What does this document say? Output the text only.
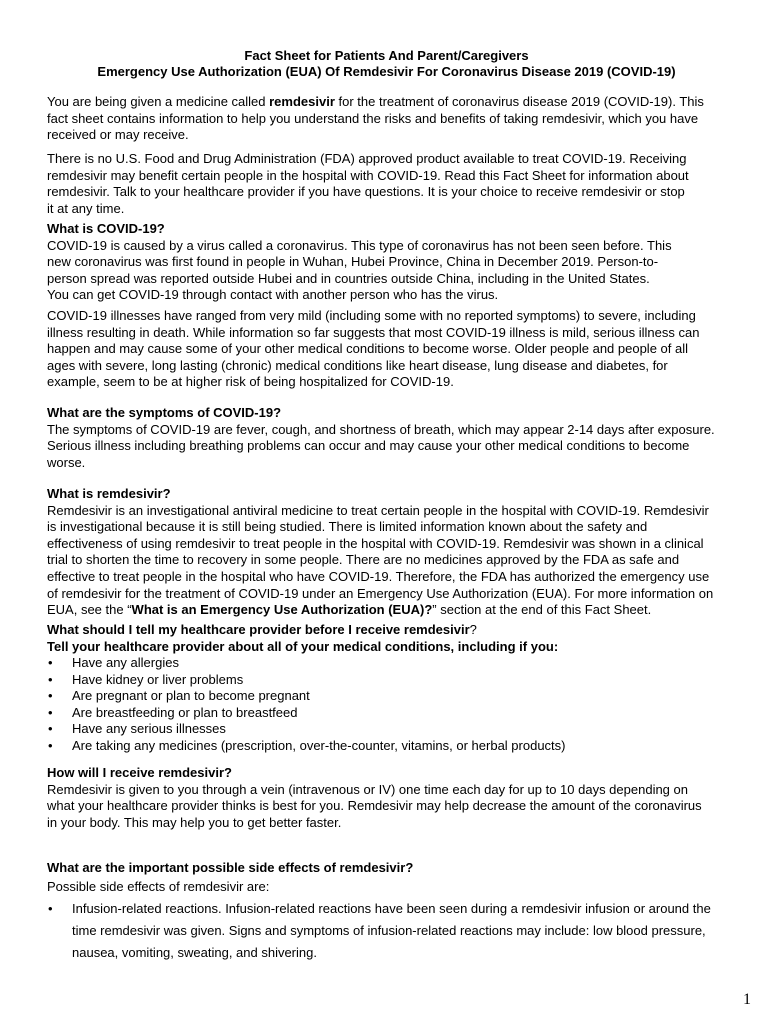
Fact Sheet for Patients And Parent/Caregivers
Emergency Use Authorization (EUA) Of Remdesivir For Coronavirus Disease 2019 (COVID-19)
You are being given a medicine called remdesivir for the treatment of coronavirus disease 2019 (COVID-19). This
fact sheet contains information to help you understand the risks and benefits of taking remdesivir, which you have
received or may receive.
There is no U.S. Food and Drug Administration (FDA) approved product available to treat COVID-19. Receiving
remdesivir may benefit certain people in the hospital with COVID-19. Read this Fact Sheet for information about
remdesivir. Talk to your healthcare provider if you have questions. It is your choice to receive remdesivir or stop
it at any time.
What is COVID-19?
COVID-19 is caused by a virus called a coronavirus. This type of coronavirus has not been seen before. This
new coronavirus was first found in people in Wuhan, Hubei Province, China in December 2019. Person-to-
person spread was reported outside Hubei and in countries outside China, including in the United States.
You can get COVID-19 through contact with another person who has the virus.
COVID-19 illnesses have ranged from very mild (including some with no reported symptoms) to severe, including
illness resulting in death. While information so far suggests that most COVID-19 illness is mild, serious illness can
happen and may cause some of your other medical conditions to become worse. Older people and people of all
ages with severe, long lasting (chronic) medical conditions like heart disease, lung disease and diabetes, for
example, seem to be at higher risk of being hospitalized for COVID-19.
What are the symptoms of COVID-19?
The symptoms of COVID-19 are fever, cough, and shortness of breath, which may appear 2-14 days after exposure.
Serious illness including breathing problems can occur and may cause your other medical conditions to become
worse.
What is remdesivir?
Remdesivir is an investigational antiviral medicine to treat certain people in the hospital with COVID-19. Remdesivir
is investigational because it is still being studied. There is limited information known about the safety and
effectiveness of using remdesivir to treat people in the hospital with COVID-19. Remdesivir was shown in a clinical
trial to shorten the time to recovery in some people. There are no medicines approved by the FDA as safe and
effective to treat people in the hospital who have COVID-19. Therefore, the FDA has authorized the emergency use
of remdesivir for the treatment of COVID-19 under an Emergency Use Authorization (EUA). For more information on
EUA, see the “What is an Emergency Use Authorization (EUA)?” section at the end of this Fact Sheet.
What should I tell my healthcare provider before I receive remdesivir?
Tell your healthcare provider about all of your medical conditions, including if you:
• Have any allergies
• Have kidney or liver problems
• Are pregnant or plan to become pregnant
• Are breastfeeding or plan to breastfeed
• Have any serious illnesses
• Are taking any medicines (prescription, over-the-counter, vitamins, or herbal products)
How will I receive remdesivir?
Remdesivir is given to you through a vein (intravenous or IV) one time each day for up to 10 days depending on
what your healthcare provider thinks is best for you. Remdesivir may help decrease the amount of the coronavirus
in your body. This may help you to get better faster.
What are the important possible side effects of remdesivir?
Possible side effects of remdesivir are:
•	Infusion-related reactions. Infusion-related reactions have been seen during a remdesivir infusion or around the
time remdesivir was given. Signs and symptoms of infusion-related reactions may include: low blood pressure,
nausea, vomiting, sweating, and shivering.
1
